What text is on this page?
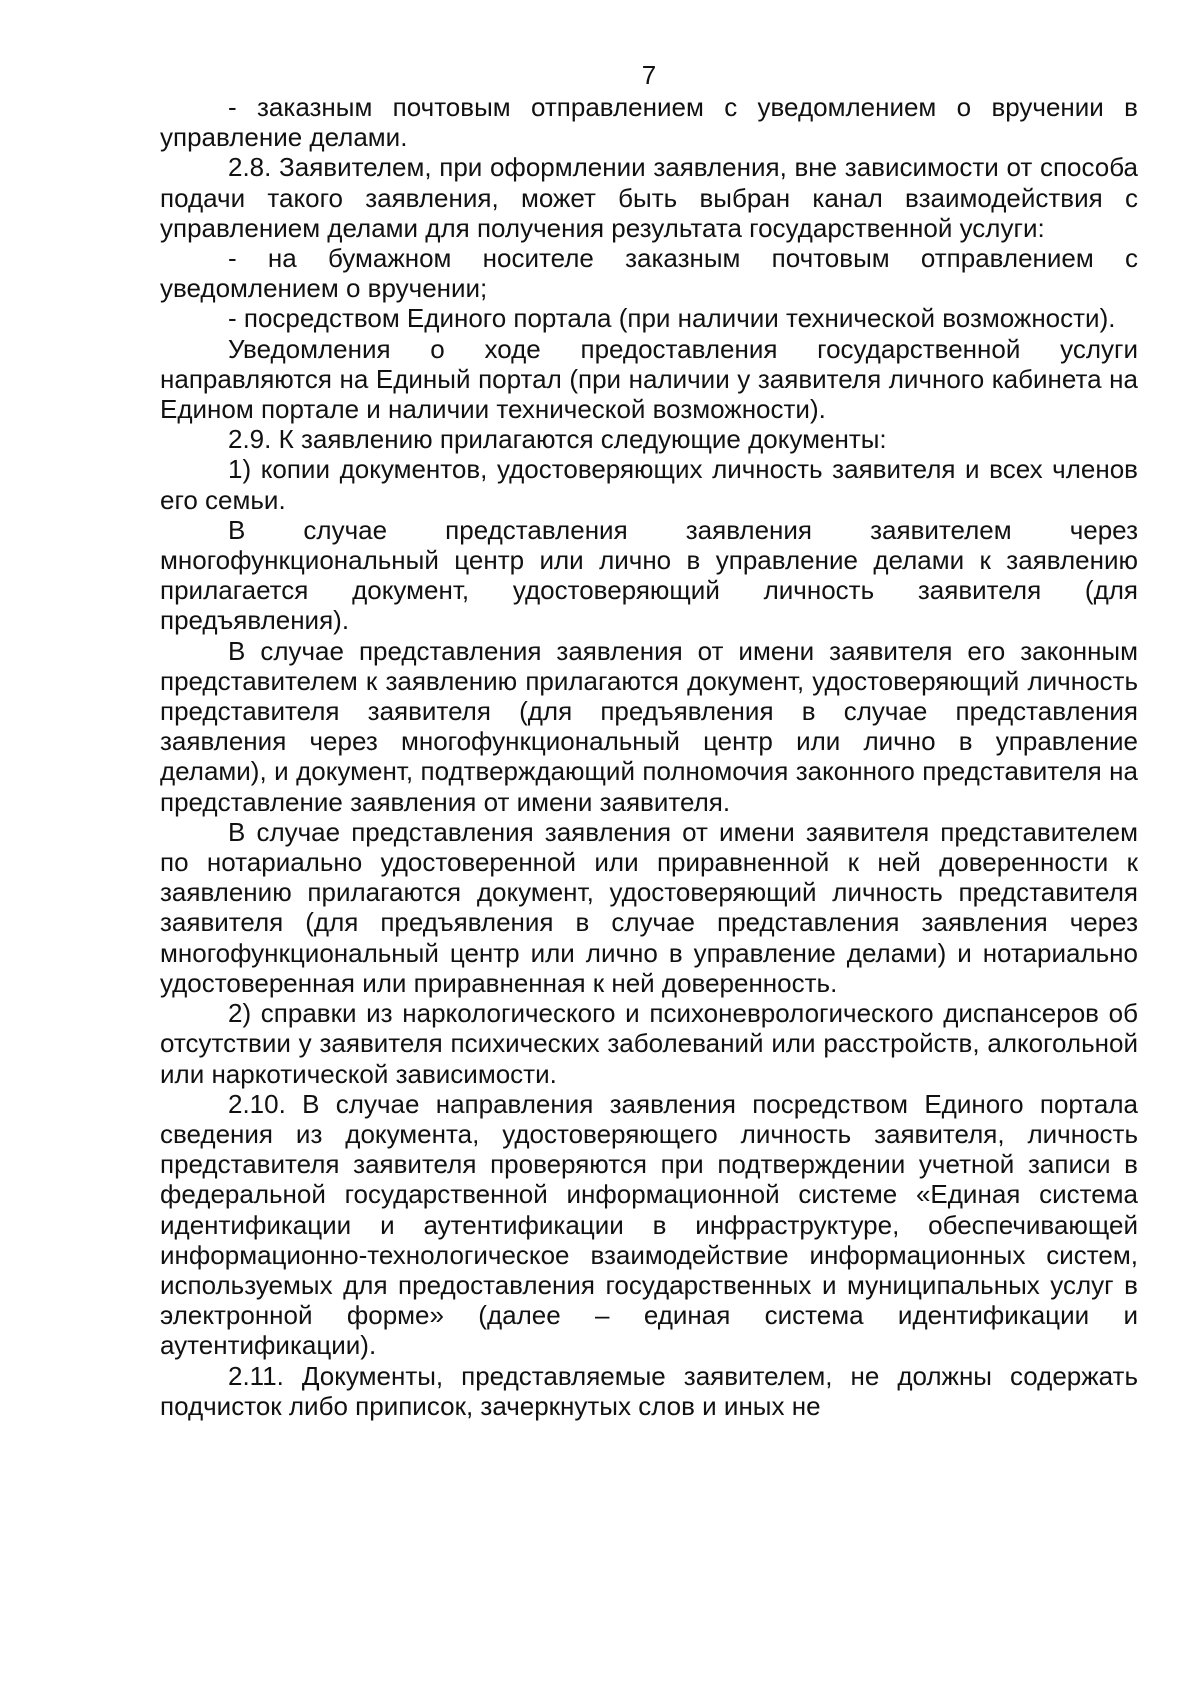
7

- заказным почтовым отправлением с уведомлением о вручении в управление делами.

2.8. Заявителем, при оформлении заявления, вне зависимости от способа подачи такого заявления, может быть выбран канал взаимодействия с управлением делами для получения результата государственной услуги:

- на бумажном носителе заказным почтовым отправлением с уведомлением о вручении;

- посредством Единого портала (при наличии технической возможности).

Уведомления о ходе предоставления государственной услуги направляются на Единый портал (при наличии у заявителя личного кабинета на Едином портале и наличии технической возможности).

2.9. К заявлению прилагаются следующие документы:

1) копии документов, удостоверяющих личность заявителя и всех членов его семьи.

В случае представления заявления заявителем через многофункциональный центр или лично в управление делами к заявлению прилагается документ, удостоверяющий личность заявителя (для предъявления).

В случае представления заявления от имени заявителя его законным представителем к заявлению прилагаются документ, удостоверяющий личность представителя заявителя (для предъявления в случае представления заявления через многофункциональный центр или лично в управление делами), и документ, подтверждающий полномочия законного представителя на представление заявления от имени заявителя.

В случае представления заявления от имени заявителя представителем по нотариально удостоверенной или приравненной к ней доверенности к заявлению прилагаются документ, удостоверяющий личность представителя заявителя (для предъявления в случае представления заявления через многофункциональный центр или лично в управление делами) и нотариально удостоверенная или приравненная к ней доверенность.

2) справки из наркологического и психоневрологического диспансеров об отсутствии у заявителя психических заболеваний или расстройств, алкогольной или наркотической зависимости.

2.10. В случае направления заявления посредством Единого портала сведения из документа, удостоверяющего личность заявителя, личность представителя заявителя проверяются при подтверждении учетной записи в федеральной государственной информационной системе «Единая система идентификации и аутентификации в инфраструктуре, обеспечивающей информационно-технологическое взаимодействие информационных систем, используемых для предоставления государственных и муниципальных услуг в электронной форме» (далее – единая система идентификации и аутентификации).

2.11. Документы, представляемые заявителем, не должны содержать подчисток либо приписок, зачеркнутых слов и иных не
